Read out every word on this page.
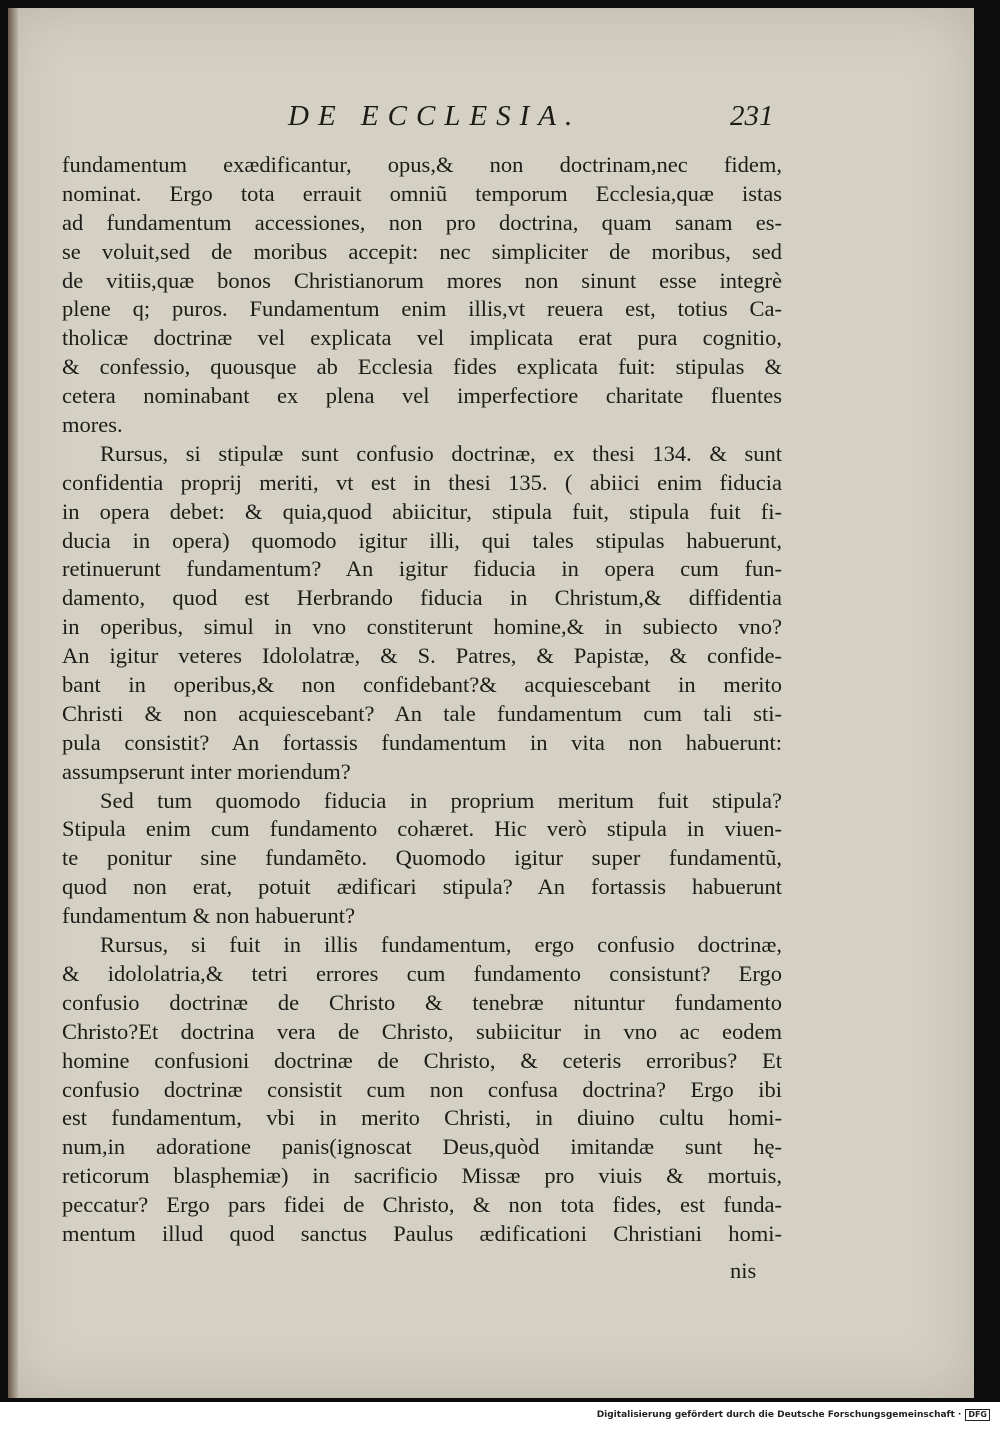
DE ECCLESIA.	231
fundamentum exædificantur, opus,& non doctrinam,nec fidem,
nominat. Ergo tota errauit omniũ temporum Ecclesia,quæ istas
ad fundamentum accessiones, non pro doctrina, quam sanam es-
se voluit,sed de moribus accepit: nec simpliciter de moribus, sed
de vitiis,quæ bonos Christianorum mores non sinunt esse integrè
plene q; puros. Fundamentum enim illis,vt reuera est, totius Ca-
tholicæ doctrinæ vel explicata vel implicata erat pura cognitio,
& confessio, quousque ab Ecclesia fides explicata fuit: stipulas &
cetera nominabant ex plena vel imperfectiore charitate fluentes
mores.
Rursus, si stipulæ sunt confusio doctrinæ, ex thesi 134. & sunt
confidentia proprij meriti, vt est in thesi 135. ( abiici enim fiducia
in opera debet: & quia,quod abiicitur, stipula fuit, stipula fuit fi-
ducia in opera) quomodo igitur illi, qui tales stipulas habuerunt,
retinuerunt fundamentum? An igitur fiducia in opera cum fun-
damento, quod est Herbrando fiducia in Christum,& diffidentia
in operibus, simul in vno constiterunt homine,& in subiecto vno?
An igitur veteres Idololatræ, & S. Patres, & Papistæ, & confide-
bant in operibus,& non confidebant?& acquiescebant in merito
Christi & non acquiescebant? An tale fundamentum cum tali sti-
pula consistit? An fortassis fundamentum in vita non habuerunt:
assumpserunt inter moriendum?
Sed tum quomodo fiducia in proprium meritum fuit stipula?
Stipula enim cum fundamento cohæret. Hic verò stipula in viuen-
te ponitur sine fundamẽto. Quomodo igitur super fundamentũ,
quod non erat, potuit ædificari stipula? An fortassis habuerunt
fundamentum & non habuerunt?
Rursus, si fuit in illis fundamentum, ergo confusio doctrinæ,
& idololatria,& tetri errores cum fundamento consistunt? Ergo
confusio doctrinæ de Christo & tenebræ nituntur fundamento
Christo?Et doctrina vera de Christo, subiicitur in vno ac eodem
homine confusioni doctrinæ de Christo, & ceteris erroribus? Et
confusio doctrinæ consistit cum non confusa doctrina? Ergo ibi
est fundamentum, vbi in merito Christi, in diuino cultu homi-
num,in adoratione panis(ignoscat Deus,quòd imitandæ sunt hę-
reticorum blasphemiæ) in sacrificio Missæ pro viuis & mortuis,
peccatur? Ergo pars fidei de Christo, & non tota fides, est funda-
mentum illud quod sanctus Paulus ædificationi Christiani homi-
nis
Digitalisierung gefördert durch die Deutsche Forschungsgemeinschaft · DFG
